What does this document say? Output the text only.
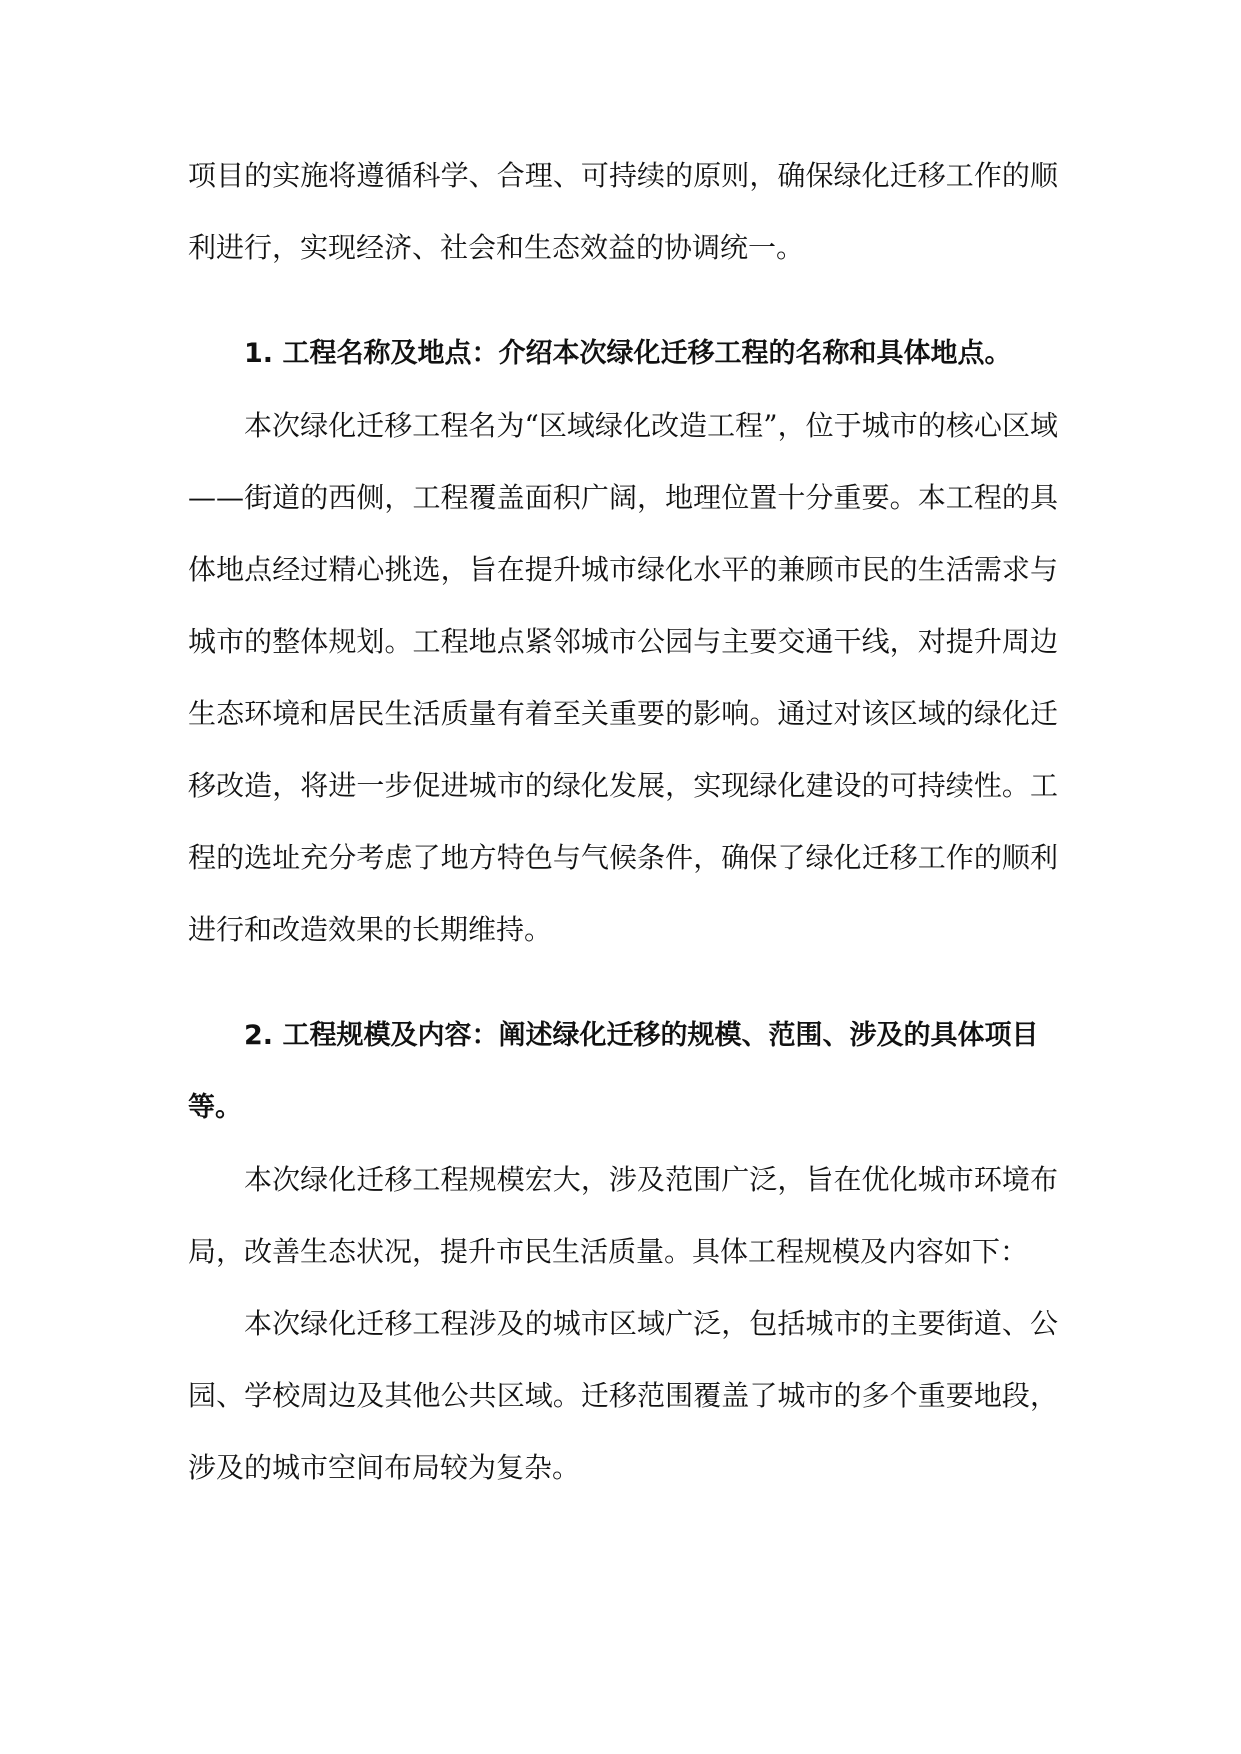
项目的实施将遵循科学、合理、可持续的原则，确保绿化迁移工作的顺利进行，实现经济、社会和生态效益的协调统一。

1. 工程名称及地点：介绍本次绿化迁移工程的名称和具体地点。

本次绿化迁移工程名为“区域绿化改造工程”，位于城市的核心区域——街道的西侧，工程覆盖面积广阔，地理位置十分重要。本工程的具体地点经过精心挑选，旨在提升城市绿化水平的兼顾市民的生活需求与城市的整体规划。工程地点紧邻城市公园与主要交通干线，对提升周边生态环境和居民生活质量有着至关重要的影响。通过对该区域的绿化迁移改造，将进一步促进城市的绿化发展，实现绿化建设的可持续性。工程的选址充分考虑了地方特色与气候条件，确保了绿化迁移工作的顺利进行和改造效果的长期维持。

2. 工程规模及内容：阐述绿化迁移的规模、范围、涉及的具体项目等。

本次绿化迁移工程规模宏大，涉及范围广泛，旨在优化城市环境布局，改善生态状况，提升市民生活质量。具体工程规模及内容如下：

本次绿化迁移工程涉及的城市区域广泛，包括城市的主要街道、公园、学校周边及其他公共区域。迁移范围覆盖了城市的多个重要地段，涉及的城市空间布局较为复杂。
